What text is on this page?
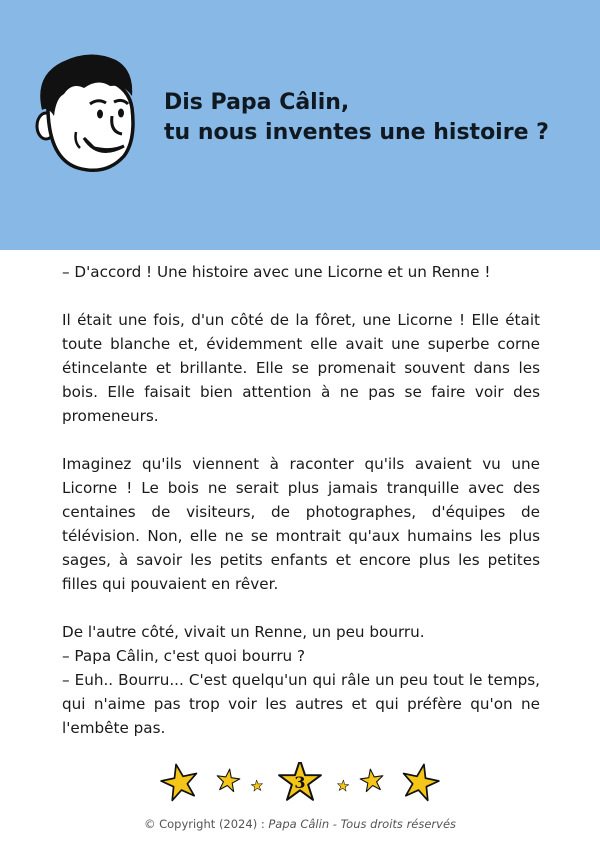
Dis Papa Câlin,
tu nous inventes une histoire ?

– D'accord ! Une histoire avec une Licorne et un Renne !

Il était une fois, d'un côté de la fôret, une Licorne ! Elle était toute blanche et, évidemment elle avait une superbe corne étincelante et brillante. Elle se promenait souvent dans les bois. Elle faisait bien attention à ne pas se faire voir des promeneurs.

Imaginez qu'ils viennent à raconter qu'ils avaient vu une Licorne ! Le bois ne serait plus jamais tranquille avec des centaines de visiteurs, de photographes, d'équipes de télévision. Non, elle ne se montrait qu'aux humains les plus sages, à savoir les petits enfants et encore plus les petites filles qui pouvaient en rêver.

De l'autre côté, vivait un Renne, un peu bourru.

– Papa Câlin, c'est quoi bourru ?

– Euh.. Bourru... C'est quelqu'un qui râle un peu tout le temps, qui n'aime pas trop voir les autres et qui préfère qu'on ne l'embête pas.

3
© Copyright (2024) : Papa Câlin - Tous droits réservés
